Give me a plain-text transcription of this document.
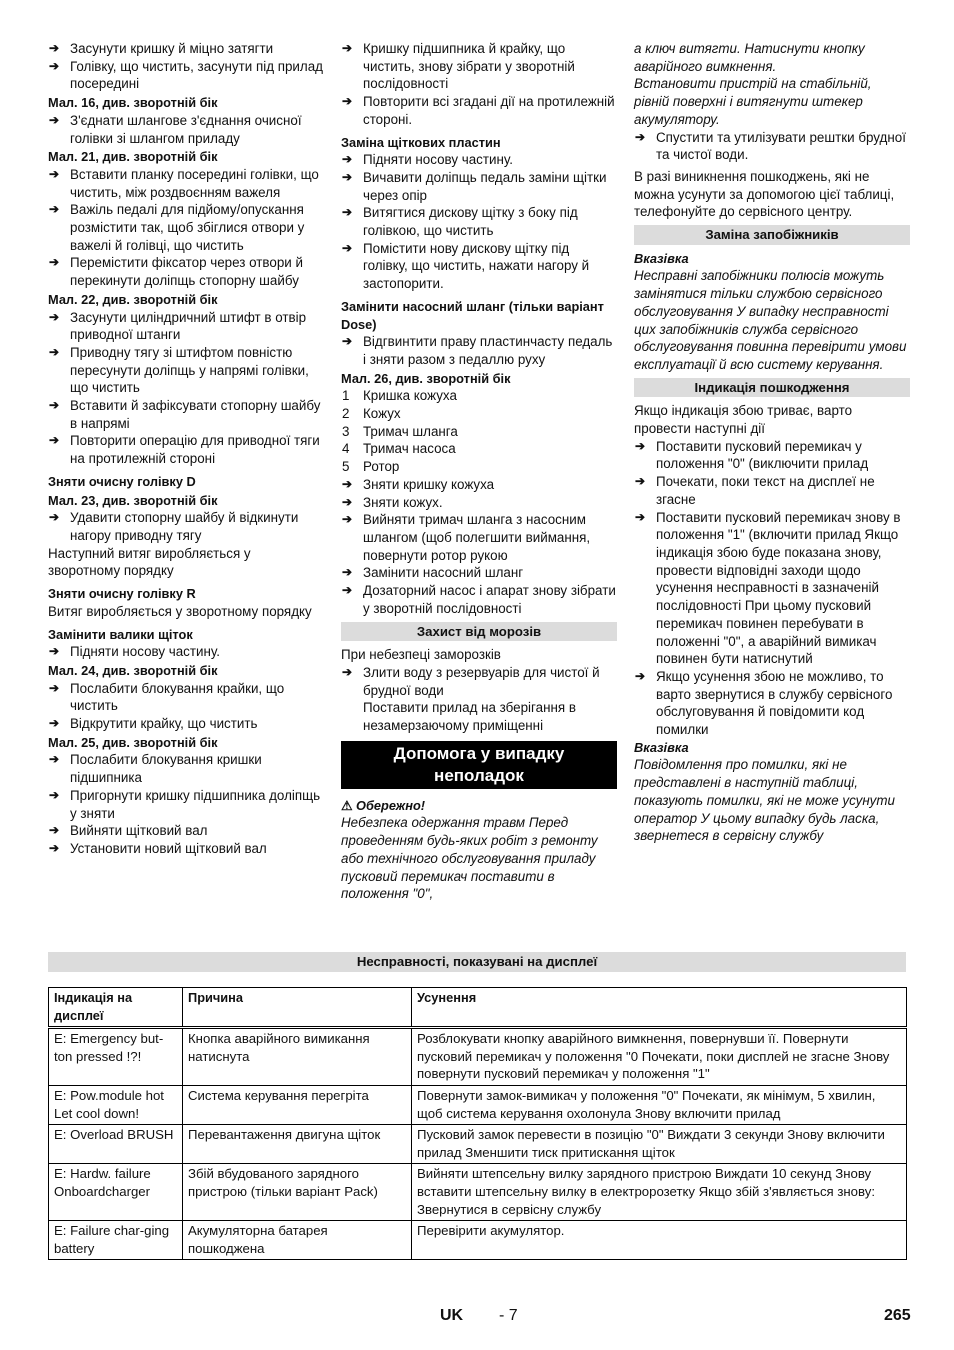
➔ Засунути кришку й міцно затягти
➔ Голівку, що чистить, засунути під прилад посередині
Мал. 16, див. зворотній бік
➔ З'єднати шлангове з'єднання очисної голівки зі шлангом приладу
Мал. 21, див. зворотній бік
➔ Вставити планку посередині голівки, що чистить, між роздвоєнням важеля
➔ Важіль педалі для підйому/опускання розмістити так, щоб збіглися отвори у важелі й голівці, що чистить
➔ Перемістити фіксатор через отвори й перекинути доліпщь стопорну шайбу
Мал. 22, див. зворотній бік
➔ Засунути циліндричний штифт в отвір приводної штанги
➔ Приводну тягу зі штифтом повністю пересунути доліпщь у напрямі голівки, що чистить
➔ Вставити й зафіксувати стопорну шайбу в напрямі
➔ Повторити операцію для приводної тяги на протилежній стороні
Зняти очисну голівку D
Мал. 23, див. зворотній бік
➔ Удавити стопорну шайбу й відкинути нагору приводну тягу
Наступний витяг виробляється у зворотному порядку
Зняти очисну голівку R
Витяг виробляється у зворотному порядку
Замінити валики щіток
➔ Підняти носову частину.
Мал. 24, див. зворотній бік
➔ Послабити блокування крайки, що чистить
➔ Відкрутити крайку, що чистить
Мал. 25, див. зворотній бік
➔ Послабити блокування кришки підшипника
➔ Пригорнути кришку підшипника доліпщь у зняти
➔ Вийняти щітковий вал
➔ Установити новий щітковий вал
➔ Кришку підшипника й крайку, що чистить, знову зібрати у зворотній послідовності
➔ Повторити всі згадані дії на протилежній стороні.
Заміна щіткових пластин
➔ Підняти носову частину.
➔ Вичавити доліпщь педаль заміни щітки через опір
➔ Витягтися дискову щітку з боку під голівкою, що чистить
➔ Помістити нову дискову щітку під голівку, що чистить, нажати нагору й застопорити.
Замінити насосний шланг (тільки варіант Dose)
➔ Відгвинтити праву пластинчасту педаль і зняти разом з педаллю руху
Мал. 26, див. зворотній бік
1 Кришка кожуха
2 Кожух
3 Тримач шланга
4 Тримач насоса
5 Ротор
➔ Зняти кришку кожуха
➔ Зняти кожух.
➔ Вийняти тримач шланга з насосним шлангом (щоб полегшити виймання, повернути ротор рукою
➔ Замінити насосний шланг
➔ Дозаторний насос і апарат знову зібрати у зворотній послідовності
Захист від морозів
При небезпеці заморозків
➔ Злити воду з резервуарів для чистої й брудної води
Поставити прилад на зберігання в незамерзаючому приміщенні
Допомога у випадку неполадок
⚠ Обережно!
Небезпека одержання травм Перед проведенням будь-яких робіт з ремонту або технічного обслуговування приладу пусковий перемикач поставити в положення "0",
а ключ витягти. Натиснути кнопку аварійного вимкнення.
Встановити пристрій на стабільній, рівній поверхні і витягнути штекер акумулятору.
➔ Спустити та утилізувати рештки брудної та чистої води.
В разі виникнення пошкоджень, які не можна усунути за допомогою цієї таблиці, телефонуйте до сервісного центру.
Заміна запобіжників
Вказівка
Несправні запобіжники полюсів можуть замінятися тільки службою сервісного обслуговування У випадку несправності цих запобіжників служба сервісного обслуговування повинна перевірити умови експлуатації й всю систему керування.
Індикація пошкодження
Якщо індикація збою триває, варто провести наступні дії
➔ Поставити пусковий перемикач у положення "0" (виключити прилад
➔ Почекати, поки текст на дисплеї не згасне
➔ Поставити пусковий перемикач знову в положення "1" (включити прилад Якщо індикація збою буде показана знову, провести відповідні заходи щодо усунення несправності в зазначеній послідовності При цьому пусковий перемикач повинен перебувати в положенні "0", а аварійний вимикач повинен бути натиснутий
➔ Якщо усунення збою не можливо, то варто звернутися в службу сервісного обслуговування й повідомити код помилки
Вказівка
Повідомлення про помилки, які не представлені в наступній таблиці, показують помилки, які не може усунути оператор У цьому випадку будь ласка, звернетеся в сервісну службу
Несправності, показувані на дисплеї
Індикація на дисплеї	Причина	Усунення
E: Emergency but-ton pressed !?!	Кнопка аварійного вимикання натиснута	Розблокувати кнопку аварійного вимкнення, повернувши її. Повернути пусковий перемикач у положення "0 Почекати, поки дисплей не згасне Знову повернути пусковий перемикач у положення "1"
E: Pow.module hot Let cool down!	Система керування перегріта	Повернути замок-вимикач у положення "0" Почекати, як мінімум, 5 хвилин, щоб система керування охолонула Знову включити прилад
E: Overload BRUSH	Перевантаження двигуна щіток	Пусковий замок перевести в позицію "0" Виждати 3 секунди Знову включити прилад Зменшити тиск притискання щіток
E: Hardw. failure Onboardcharger	Збій вбудованого зарядного пристрою (тільки варіант Pack)	Вийняти штепсельну вилку зарядного пристрою Виждати 10 секунд Знову вставити штепсельну вилку в електророзетку Якщо збій з'являється знову: Звернутися в сервісну службу
E: Failure char-ging battery	Акумуляторна батарея пошкоджена	Перевірити акумулятор.
UK - 7	265
